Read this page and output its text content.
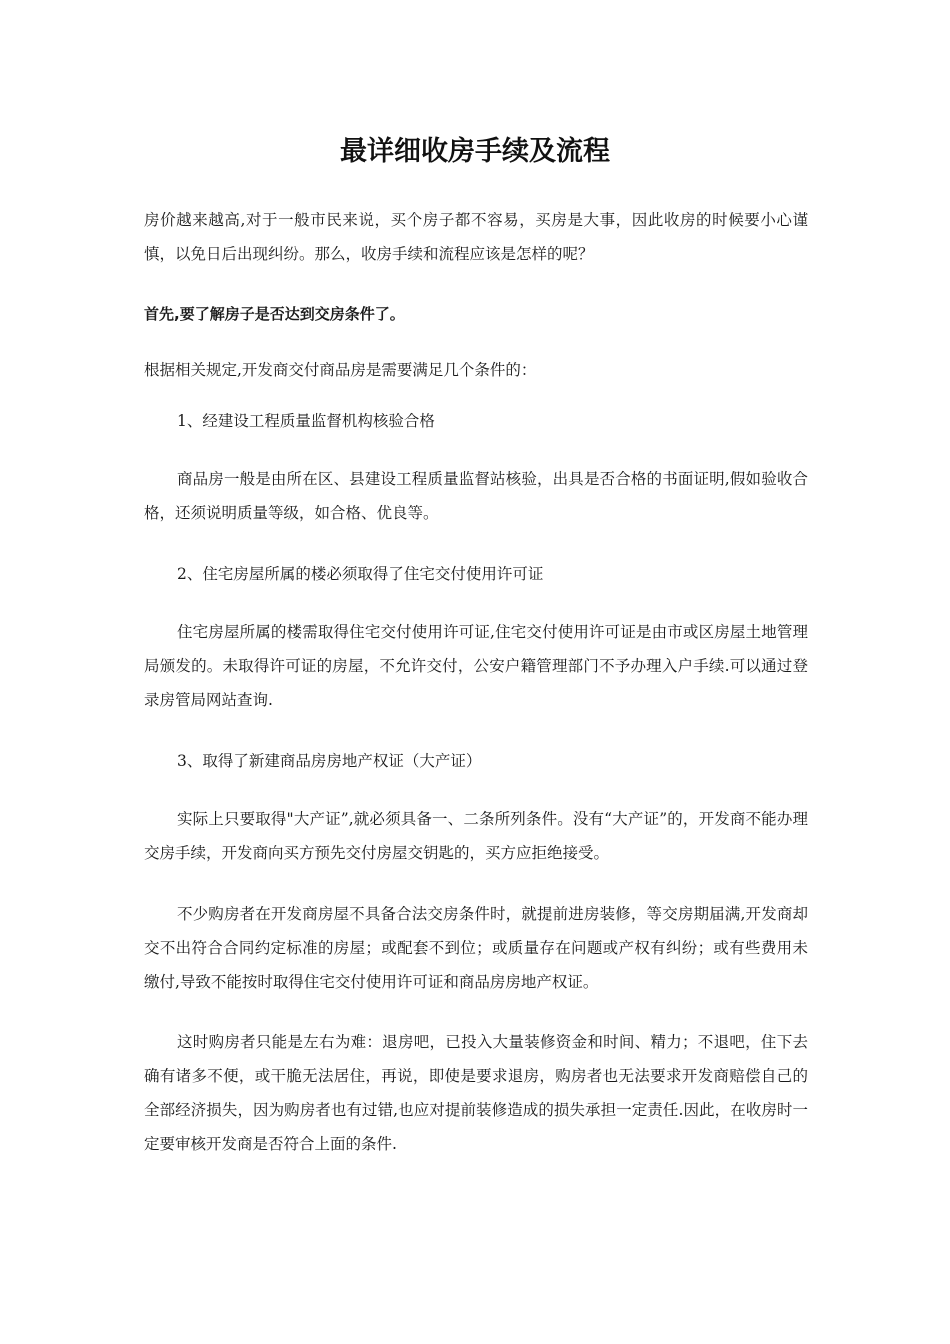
最详细收房手续及流程

房价越来越高,对于一般市民来说，买个房子都不容易，买房是大事，因此收房的时候要小心谨慎，以免日后出现纠纷。那么，收房手续和流程应该是怎样的呢？

首先,要了解房子是否达到交房条件了。

根据相关规定,开发商交付商品房是需要满足几个条件的：

1、经建设工程质量监督机构核验合格

商品房一般是由所在区、县建设工程质量监督站核验，出具是否合格的书面证明,假如验收合格，还须说明质量等级，如合格、优良等。

2、住宅房屋所属的楼必须取得了住宅交付使用许可证

住宅房屋所属的楼需取得住宅交付使用许可证,住宅交付使用许可证是由市或区房屋土地管理局颁发的。未取得许可证的房屋，不允许交付，公安户籍管理部门不予办理入户手续.可以通过登录房管局网站查询.

3、取得了新建商品房房地产权证（大产证）

实际上只要取得"大产证”,就必须具备一、二条所列条件。没有“大产证”的，开发商不能办理交房手续，开发商向买方预先交付房屋交钥匙的，买方应拒绝接受。

不少购房者在开发商房屋不具备合法交房条件时，就提前进房装修，等交房期届满,开发商却交不出符合合同约定标准的房屋；或配套不到位；或质量存在问题或产权有纠纷；或有些费用未缴付,导致不能按时取得住宅交付使用许可证和商品房房地产权证。

这时购房者只能是左右为难：退房吧，已投入大量装修资金和时间、精力；不退吧，住下去确有诸多不便，或干脆无法居住，再说，即使是要求退房，购房者也无法要求开发商赔偿自己的全部经济损失，因为购房者也有过错,也应对提前装修造成的损失承担一定责任.因此，在收房时一定要审核开发商是否符合上面的条件.
